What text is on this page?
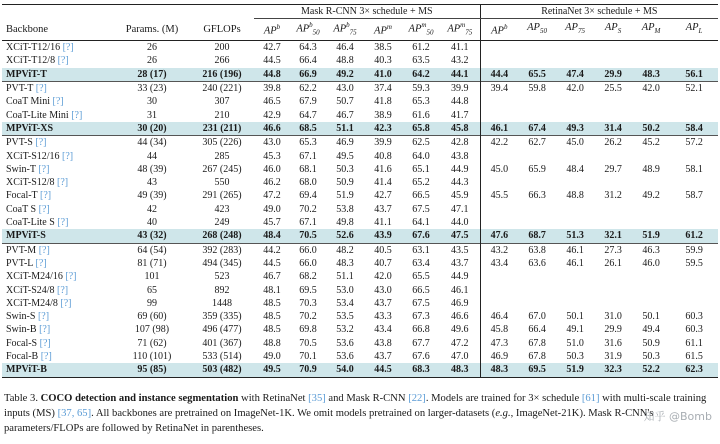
			Mask R-CNN 3× schedule + MS						RetinaNet 3× schedule + MS					
Backbone	Params. (M)	GFLOPs	$AP^b$	$AP^b_{50}$	$AP^b_{75}$	$AP^m$	$AP^m_{50}$	$AP^m_{75}$	$AP^b$	$AP_{50}$	$AP_{75}$	$AP_S$	$AP_M$	$AP_L$
XCiT-T12/16 [?]	26	200	42.7	64.3	46.4	38.5	61.2	41.1						
XCiT-T12/8 [?]	26	266	44.5	66.4	48.8	40.3	63.5	43.2						
MPViT-T	28 (17)	216 (196)	44.8	66.9	49.2	41.0	64.2	44.1	44.4	65.5	47.4	29.9	48.3	56.1
PVT-T [?]	33 (23)	240 (221)	39.8	62.2	43.0	37.4	59.3	39.9	39.4	59.8	42.0	25.5	42.0	52.1
CoaT Mini [?]	30	307	46.5	67.9	50.7	41.8	65.3	44.8						
CoaT-Lite Mini [?]	31	210	42.9	64.7	46.7	38.9	61.6	41.7						
MPViT-XS	30 (20)	231 (211)	46.6	68.5	51.1	42.3	65.8	45.8	46.1	67.4	49.3	31.4	50.2	58.4
PVT-S [?]	44 (34)	305 (226)	43.0	65.3	46.9	39.9	62.5	42.8	42.2	62.7	45.0	26.2	45.2	57.2
XCiT-S12/16 [?]	44	285	45.3	67.1	49.5	40.8	64.0	43.8						
Swin-T [?]	48 (39)	267 (245)	46.0	68.1	50.3	41.6	65.1	44.9	45.0	65.9	48.4	29.7	48.9	58.1
XCiT-S12/8 [?]	43	550	46.2	68.0	50.9	41.4	65.2	44.3						
Focal-T [?]	49 (39)	291 (265)	47.2	69.4	51.9	42.7	66.5	45.9	45.5	66.3	48.8	31.2	49.2	58.7
CoaT S [?]	42	423	49.0	70.2	53.8	43.7	67.5	47.1						
CoaT-Lite S [?]	40	249	45.7	67.1	49.8	41.1	64.1	44.0						
MPViT-S	43 (32)	268 (248)	48.4	70.5	52.6	43.9	67.6	47.5	47.6	68.7	51.3	32.1	51.9	61.2
PVT-M [?]	64 (54)	392 (283)	44.2	66.0	48.2	40.5	63.1	43.5	43.2	63.8	46.1	27.3	46.3	59.9
PVT-L [?]	81 (71)	494 (345)	44.5	66.0	48.3	40.7	63.4	43.7	43.4	63.6	46.1	26.1	46.0	59.5
XCiT-M24/16 [?]	101	523	46.7	68.2	51.1	42.0	65.5	44.9						
XCiT-S24/8 [?]	65	892	48.1	69.5	53.0	43.0	66.5	46.1						
XCiT-M24/8 [?]	99	1448	48.5	70.3	53.4	43.7	67.5	46.9						
Swin-S [?]	69 (60)	359 (335)	48.5	70.2	53.5	43.3	67.3	46.6	46.4	67.0	50.1	31.0	50.1	60.3
Swin-B [?]	107 (98)	496 (477)	48.5	69.8	53.2	43.4	66.8	49.6	45.8	66.4	49.1	29.9	49.4	60.3
Focal-S [?]	71 (62)	401 (367)	48.8	70.5	53.6	43.8	67.7	47.2	47.3	67.8	51.0	31.6	50.9	61.1
Focal-B [?]	110 (101)	533 (514)	49.0	70.1	53.6	43.7	67.6	47.0	46.9	67.8	50.3	31.9	50.3	61.5
MPViT-B	95 (85)	503 (482)	49.5	70.9	54.0	44.5	68.3	48.3	48.3	69.5	51.9	32.3	52.2	62.3
Table 3. COCO detection and instance segmentation with RetinaNet [35] and Mask R-CNN [22]. Models are trained for 3× schedule [61] with multi-scale training inputs (MS) [37, 65]. All backbones are pretrained on ImageNet-1K. We omit models pretrained on larger-datasets (e.g., ImageNet-21K). Mask R-CNN's parameters/FLOPs are followed by RetinaNet in parentheses.
知乎 @Bomb
